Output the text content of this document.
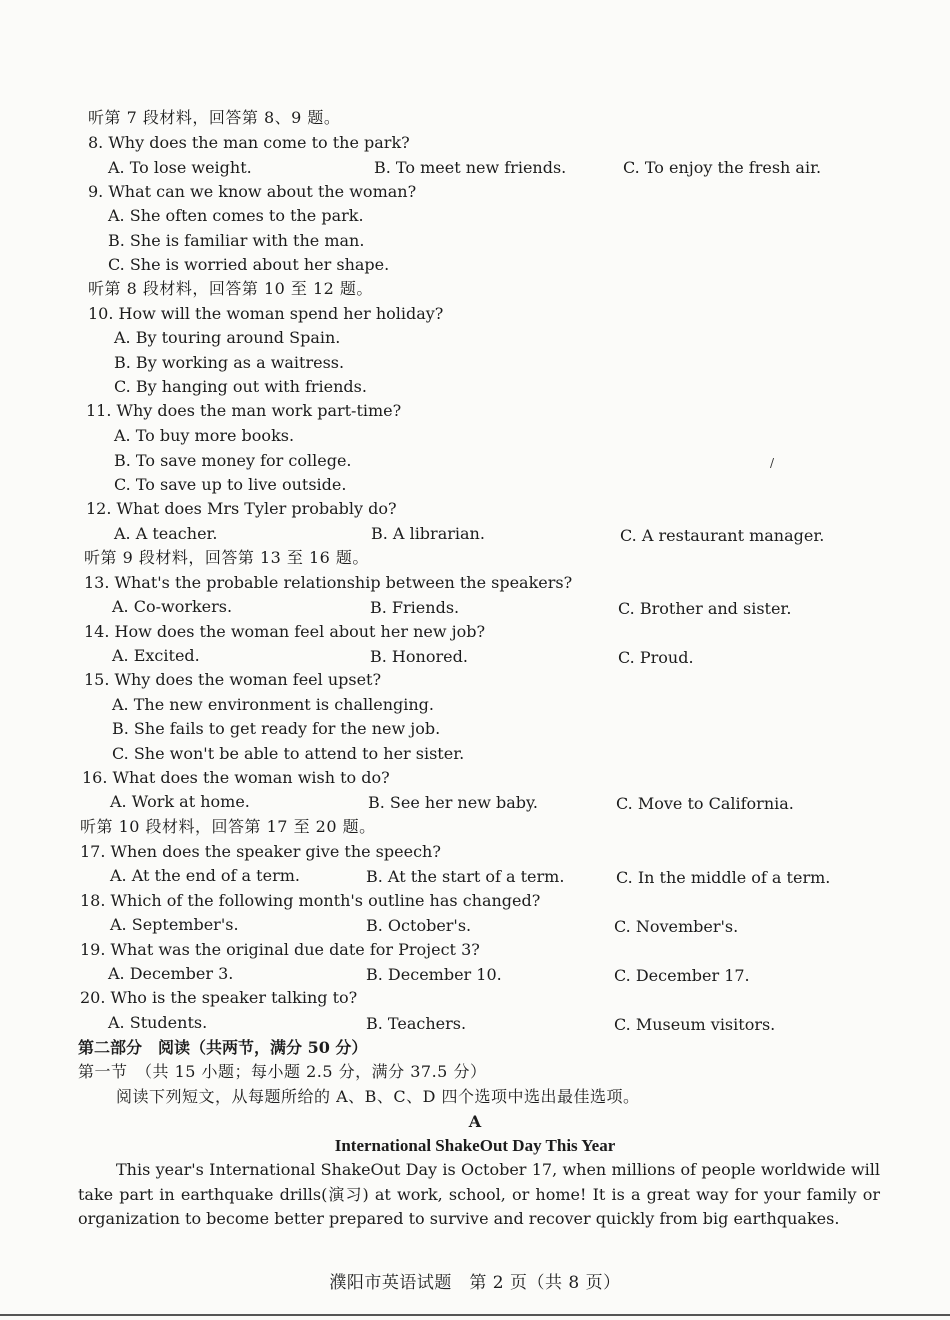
听第 7 段材料，回答第 8、9 题。
8. Why does the man come to the park?
A. To lose weight.	B. To meet new friends.	C. To enjoy the fresh air.
9. What can we know about the woman?
A. She often comes to the park.
B. She is familiar with the man.
C. She is worried about her shape.
听第 8 段材料，回答第 10 至 12 题。
10. How will the woman spend her holiday?
A. By touring around Spain.
B. By working as a waitress.
C. By hanging out with friends.
11. Why does the man work part-time?
A. To buy more books.
B. To save money for college.
C. To save up to live outside.
12. What does Mrs Tyler probably do?
A. A teacher.	B. A librarian.	C. A restaurant manager.
听第 9 段材料，回答第 13 至 16 题。
13. What's the probable relationship between the speakers?
A. Co-workers.	B. Friends.	C. Brother and sister.
14. How does the woman feel about her new job?
A. Excited.	B. Honored.	C. Proud.
15. Why does the woman feel upset?
A. The new environment is challenging.
B. She fails to get ready for the new job.
C. She won't be able to attend to her sister.
16. What does the woman wish to do?
A. Work at home.	B. See her new baby.	C. Move to California.
听第 10 段材料，回答第 17 至 20 题。
17. When does the speaker give the speech?
A. At the end of a term.	B. At the start of a term.	C. In the middle of a term.
18. Which of the following month's outline has changed?
A. September's.	B. October's.	C. November's.
19. What was the original due date for Project 3?
A. December 3.	B. December 10.	C. December 17.
20. Who is the speaker talking to?
A. Students.	B. Teachers.	C. Museum visitors.
第二部分　阅读（共两节，满分 50 分）
第一节　（共 15 小题；每小题 2.5 分，满分 37.5 分）
阅读下列短文，从每题所给的 A、B、C、D 四个选项中选出最佳选项。
A
International ShakeOut Day This Year
This year's International ShakeOut Day is October 17, when millions of people worldwide will take part in earthquake drills(演习) at work, school, or home! It is a great way for your family or organization to become better prepared to survive and recover quickly from big earthquakes.
/
濮阳市英语试题　第 2 页（共 8 页）
